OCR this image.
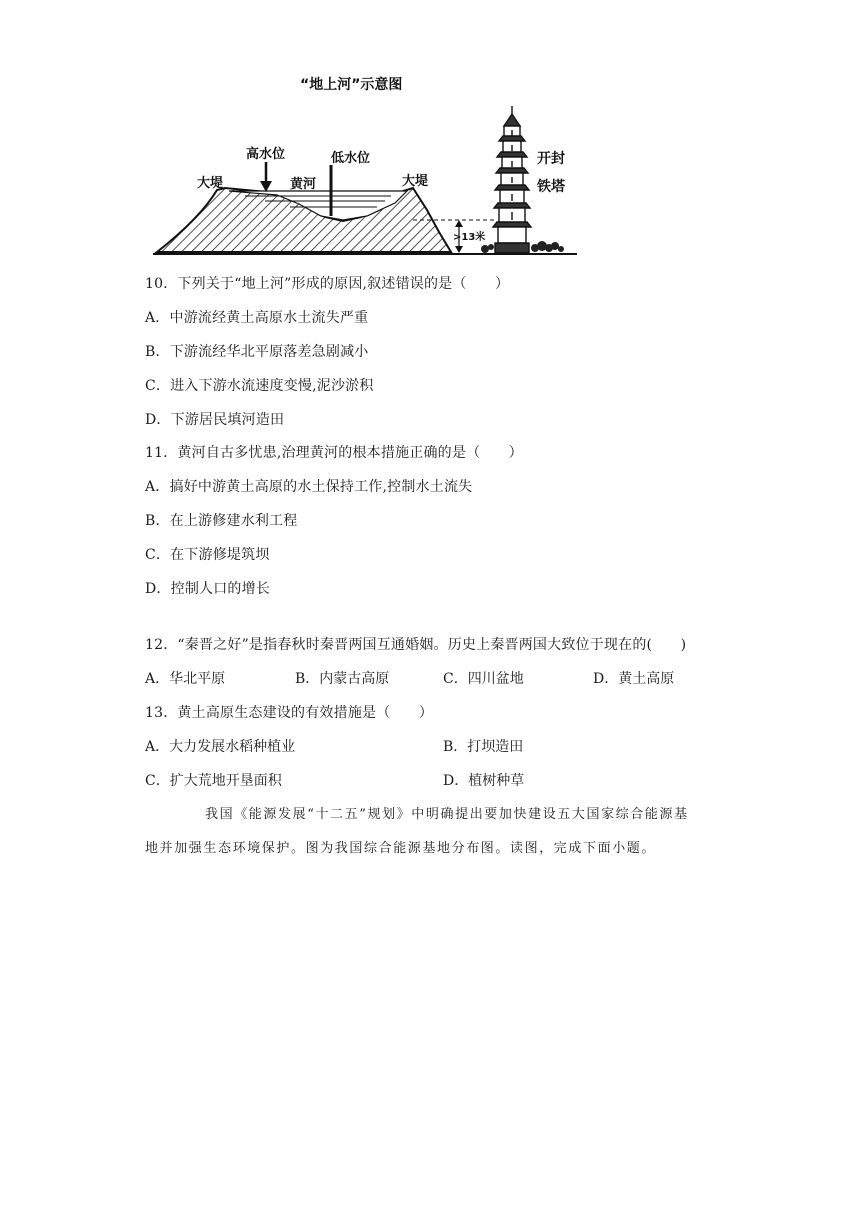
“地上河”示意图
>13米
高水位	低水位
大堤	黄河	大堤
开封
铁塔
10．下列关于“地上河”形成的原因,叙述错误的是（　　）
A．中游流经黄土高原水土流失严重
B．下游流经华北平原落差急剧减小
C．进入下游水流速度变慢,泥沙淤积
D．下游居民填河造田
11．黄河自古多忧患,治理黄河的根本措施正确的是（　　）
A．搞好中游黄土高原的水土保持工作,控制水土流失
B．在上游修建水利工程
C．在下游修堤筑坝
D．控制人口的增长
12．“秦晋之好”是指春秋时秦晋两国互通婚姻。历史上秦晋两国大致位于现在的(　　)
A．华北平原	B．内蒙古高原	C．四川盆地	D．黄土高原
13．黄土高原生态建设的有效措施是（　　）
A．大力发展水稻种植业	B．打坝造田
C．扩大荒地开垦面积	D．植树种草
我国《能源发展“十二五”规划》中明确提出要加快建设五大国家综合能源基
地并加强生态环境保护。图为我国综合能源基地分布图。读图，完成下面小题。
